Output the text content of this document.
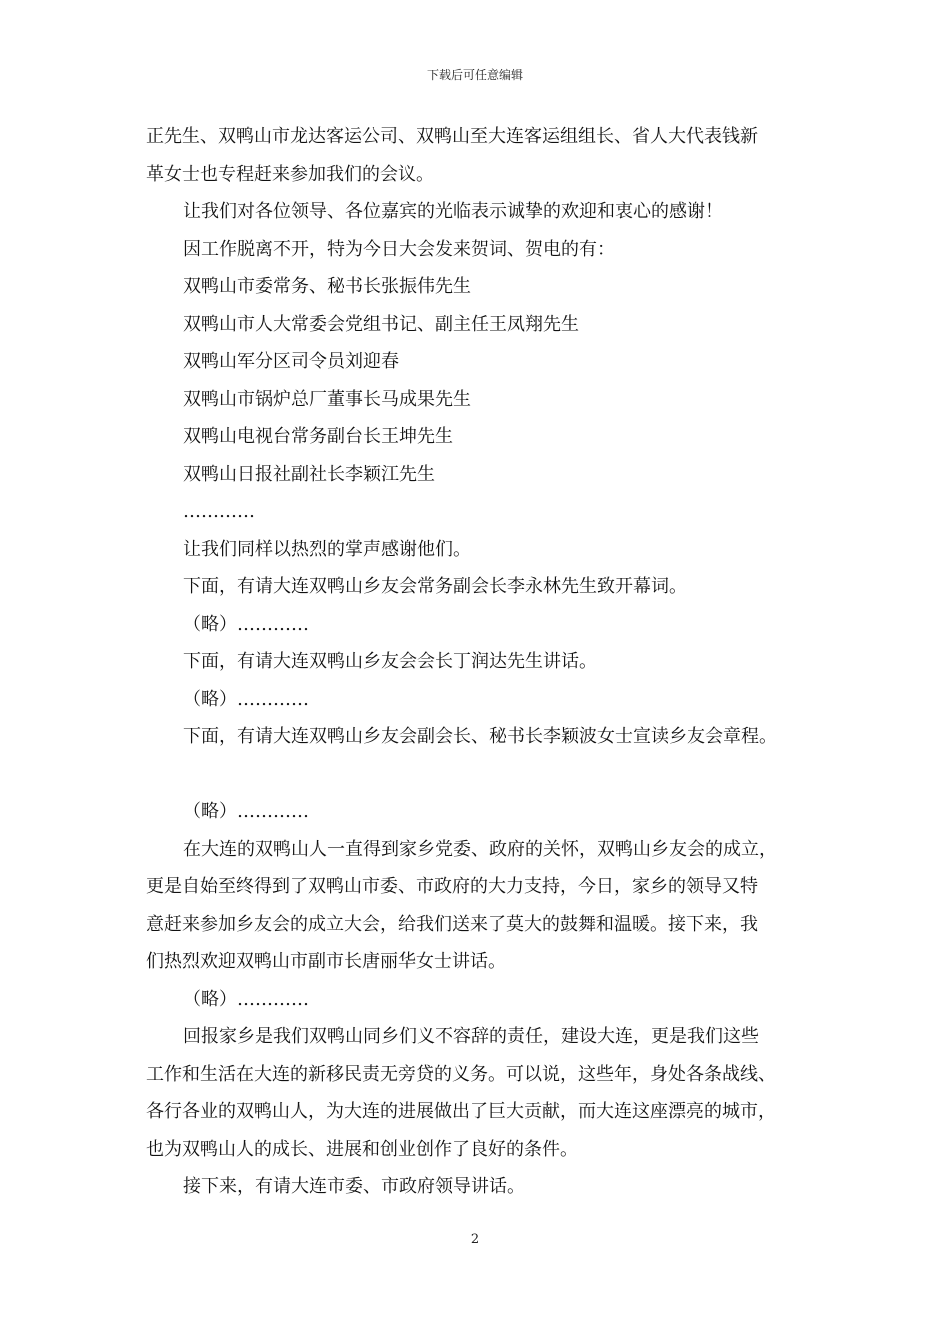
下载后可任意编辑

正先生、双鸭山市龙达客运公司、双鸭山至大连客运组组长、省人大代表钱新

革女士也专程赶来参加我们的会议。

让我们对各位领导、各位嘉宾的光临表示诚挚的欢迎和衷心的感谢！

因工作脱离不开，特为今日大会发来贺词、贺电的有：

双鸭山市委常务、秘书长张振伟先生

双鸭山市人大常委会党组书记、副主任王凤翔先生

双鸭山军分区司令员刘迎春

双鸭山市锅炉总厂董事长马成果先生

双鸭山电视台常务副台长王坤先生

双鸭山日报社副社长李颖江先生

…………

让我们同样以热烈的掌声感谢他们。

下面，有请大连双鸭山乡友会常务副会长李永林先生致开幕词。

（略）…………

下面，有请大连双鸭山乡友会会长丁润达先生讲话。

（略）…………

下面，有请大连双鸭山乡友会副会长、秘书长李颖波女士宣读乡友会章程。

（略）…………

在大连的双鸭山人一直得到家乡党委、政府的关怀，双鸭山乡友会的成立，

更是自始至终得到了双鸭山市委、市政府的大力支持，今日，家乡的领导又特

意赶来参加乡友会的成立大会，给我们送来了莫大的鼓舞和温暖。接下来，我

们热烈欢迎双鸭山市副市长唐丽华女士讲话。

（略）…………

回报家乡是我们双鸭山同乡们义不容辞的责任，建设大连，更是我们这些

工作和生活在大连的新移民责无旁贷的义务。可以说，这些年，身处各条战线、

各行各业的双鸭山人，为大连的进展做出了巨大贡献，而大连这座漂亮的城市，

也为双鸭山人的成长、进展和创业创作了良好的条件。

接下来，有请大连市委、市政府领导讲话。

2
